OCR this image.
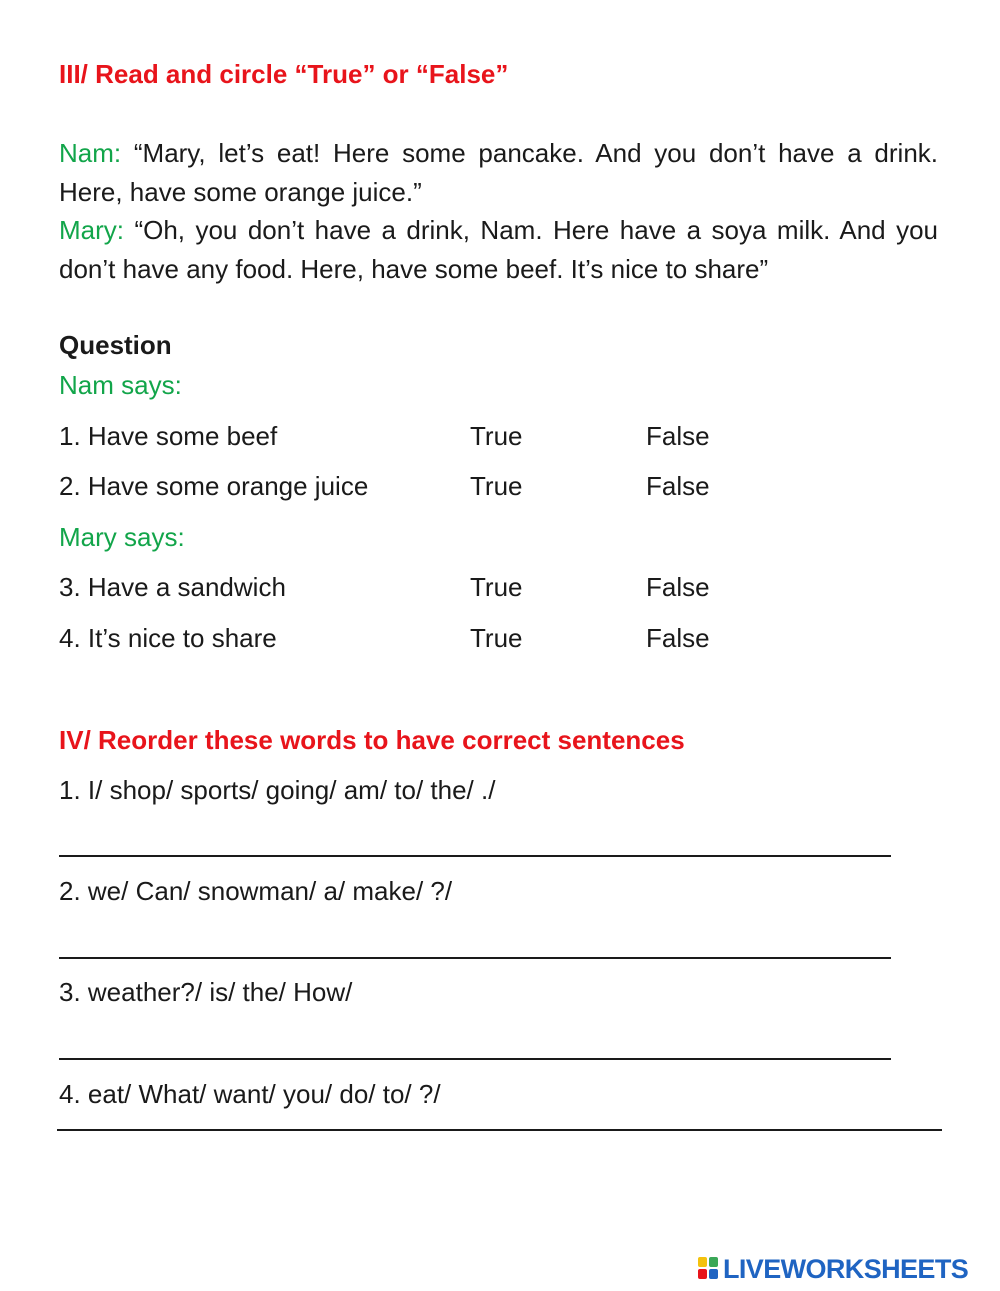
III/ Read and circle “True” or “False”

Nam: “Mary, let’s eat! Here some pancake. And you don’t have a drink. Here, have some orange juice.”

Mary: “Oh, you don’t have a drink, Nam. Here have a soya milk. And you don’t have any food. Here, have some beef. It’s nice to share”

Question
Nam says:
1. Have some beef	True	False
2. Have some orange juice	True	False
Mary says:
3. Have a sandwich	True	False
4. It’s nice to share	True	False
IV/ Reorder these words to have correct sentences
1. I/ shop/ sports/ going/ am/ to/ the/ ./
2. we/ Can/ snowman/ a/ make/ ?/
3. weather?/ is/ the/ How/
4. eat/ What/ want/ you/ do/ to/ ?/
LIVEWORKSHEETS
